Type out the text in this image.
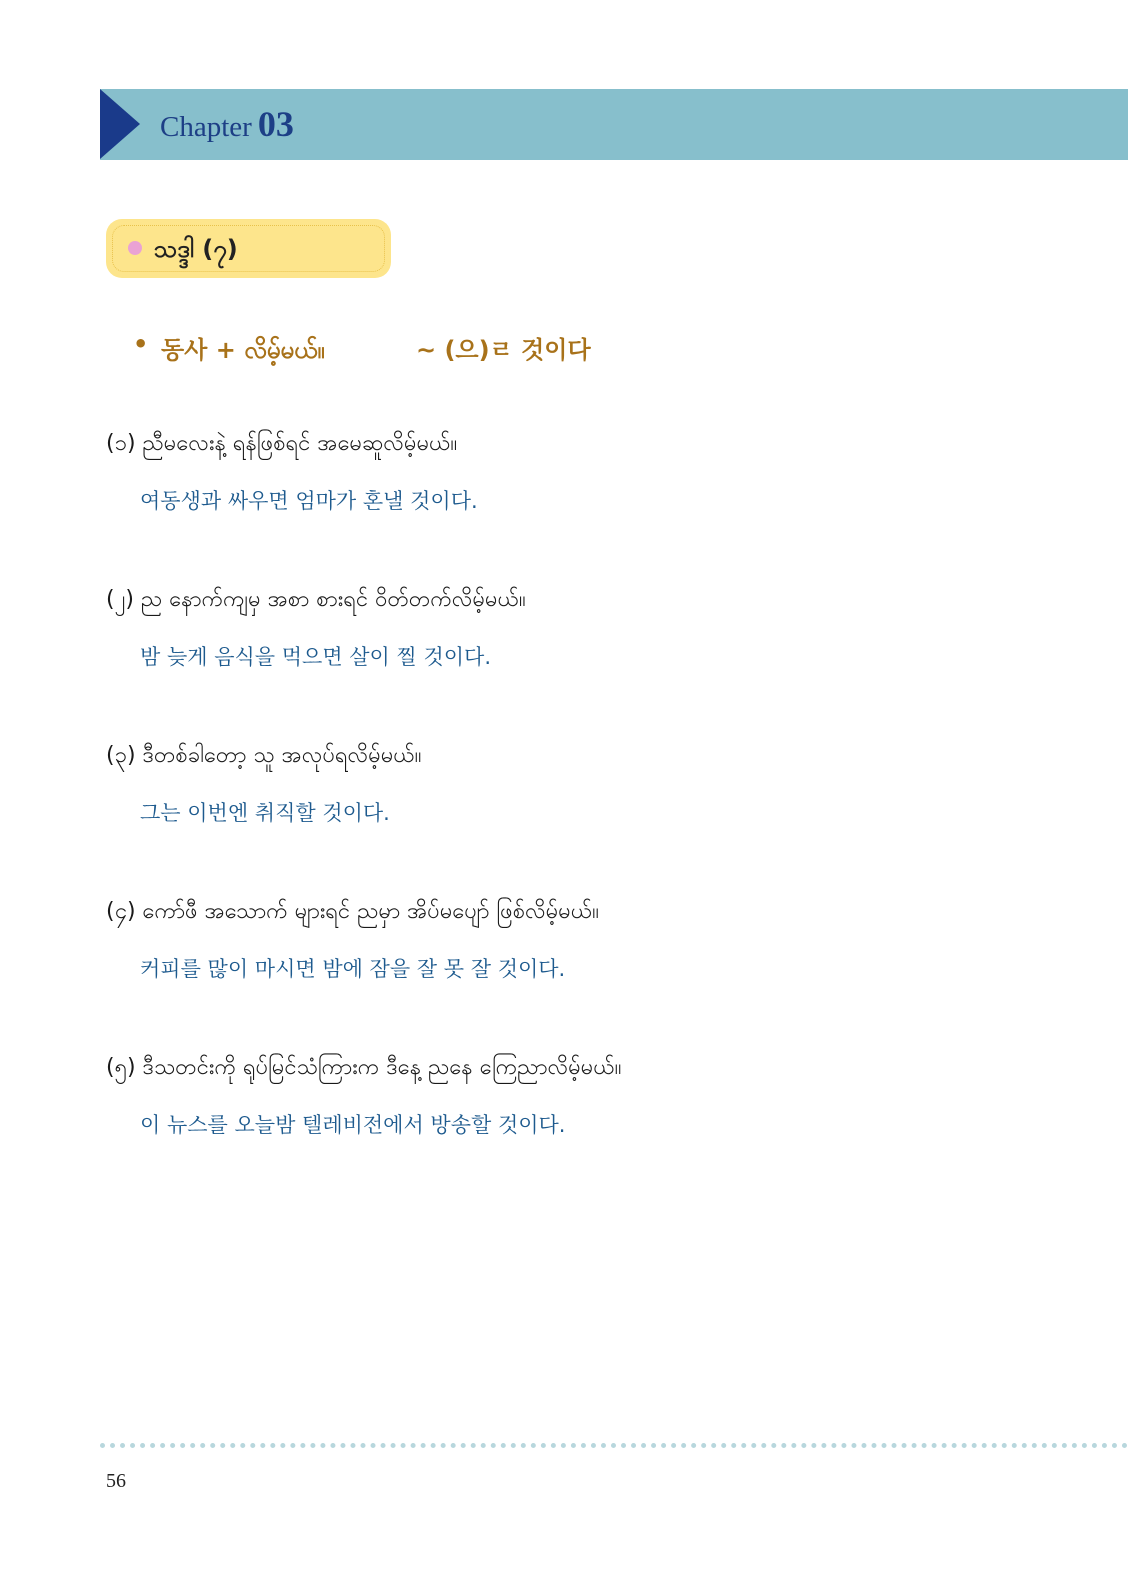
Chapter 03
သဒ္ဒါ (၇)
• 동사 + လိမ့်မယ်။	~ (으)ㄹ 것이다
(၁) ညီမလေးနဲ့ ရန်ဖြစ်ရင် အမေဆူလိမ့်မယ်။
여동생과 싸우면 엄마가 혼낼 것이다.
(၂) ည နောက်ကျမှ အစာ စားရင် ဝိတ်တက်လိမ့်မယ်။
밤 늦게 음식을 먹으면 살이 찔 것이다.
(၃) ဒီတစ်ခါတော့ သူ အလုပ်ရလိမ့်မယ်။
그는 이번엔 취직할 것이다.
(၄) ကော်ဖီ အသောက် များရင် ညမှာ အိပ်မပျော် ဖြစ်လိမ့်မယ်။
커피를 많이 마시면 밤에 잠을 잘 못 잘 것이다.
(၅) ဒီသတင်းကို ရုပ်မြင်သံကြားက ဒီနေ့ ညနေ ကြေညာလိမ့်မယ်။
이 뉴스를 오늘밤 텔레비전에서 방송할 것이다.
56
